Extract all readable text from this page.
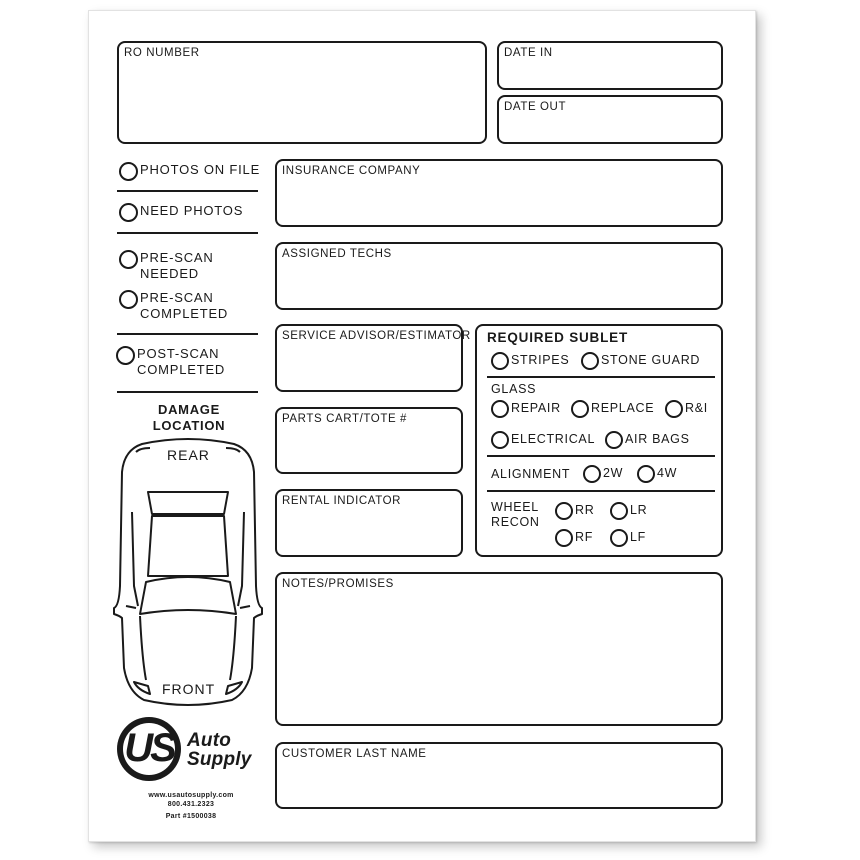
RO NUMBER	DATE IN
DATE OUT
PHOTOS ON FILE
NEED PHOTOS
PRE-SCAN
NEEDED
PRE-SCAN
COMPLETED
POST-SCAN
COMPLETED
INSURANCE COMPANY
ASSIGNED TECHS
SERVICE ADVISOR/ESTIMATOR
PARTS CART/TOTE #
RENTAL INDICATOR
REQUIRED SUBLET
STRIPES	STONE GUARD
GLASS
REPAIR REPLACE R&I
ELECTRICAL AIR BAGS
ALIGNMENT	2W	4W
WHEEL
RECON
RR	LR
RF	LF
NOTES/PROMISES
CUSTOMER LAST NAME
DAMAGE
LOCATION
REAR
FRONT
US Auto
Supply
www.usautosupply.com
800.431.2323
Part #1500038
